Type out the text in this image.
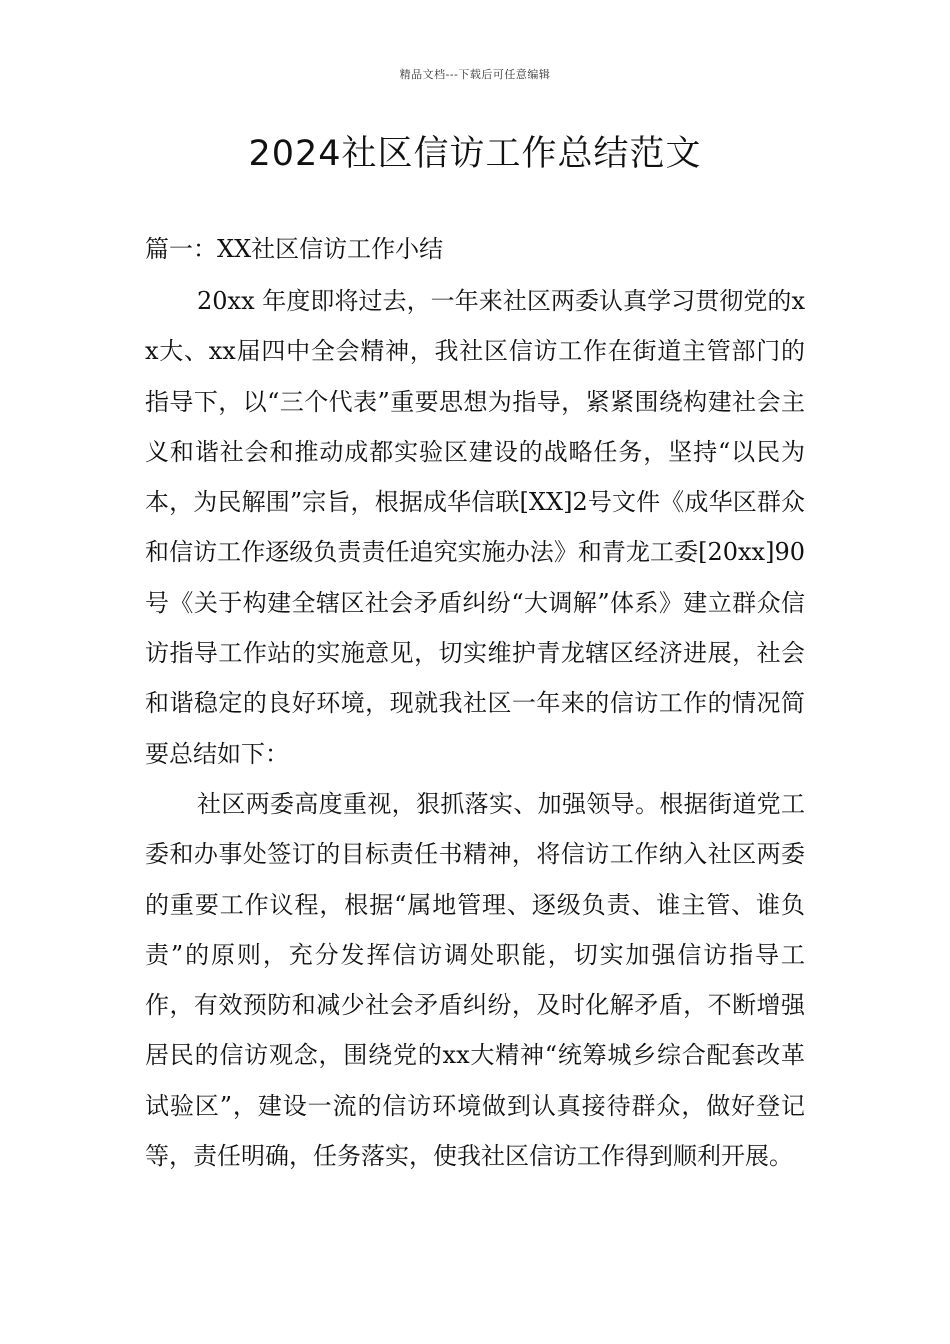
精品文档---下载后可任意编辑
2024社区信访工作总结范文
篇一：XX社区信访工作小结

20xx 年度即将过去，一年来社区两委认真学习贯彻党的xx大、xx届四中全会精神，我社区信访工作在街道主管部门的指导下，以“三个代表”重要思想为指导，紧紧围绕构建社会主义和谐社会和推动成都实验区建设的战略任务，坚持“以民为本，为民解围”宗旨，根据成华信联[XX]2号文件《成华区群众和信访工作逐级负责责任追究实施办法》和青龙工委[20xx]90号《关于构建全辖区社会矛盾纠纷“大调解”体系》建立群众信访指导工作站的实施意见，切实维护青龙辖区经济进展，社会和谐稳定的良好环境，现就我社区一年来的信访工作的情况简要总结如下：

社区两委高度重视，狠抓落实、加强领导。根据街道党工委和办事处签订的目标责任书精神，将信访工作纳入社区两委的重要工作议程，根据“属地管理、逐级负责、谁主管、谁负责”的原则，充分发挥信访调处职能，切实加强信访指导工作，有效预防和减少社会矛盾纠纷，及时化解矛盾，不断增强居民的信访观念，围绕党的xx大精神“统筹城乡综合配套改革试验区”，建设一流的信访环境做到认真接待群众，做好登记等，责任明确，任务落实，使我社区信访工作得到顺利开展。
